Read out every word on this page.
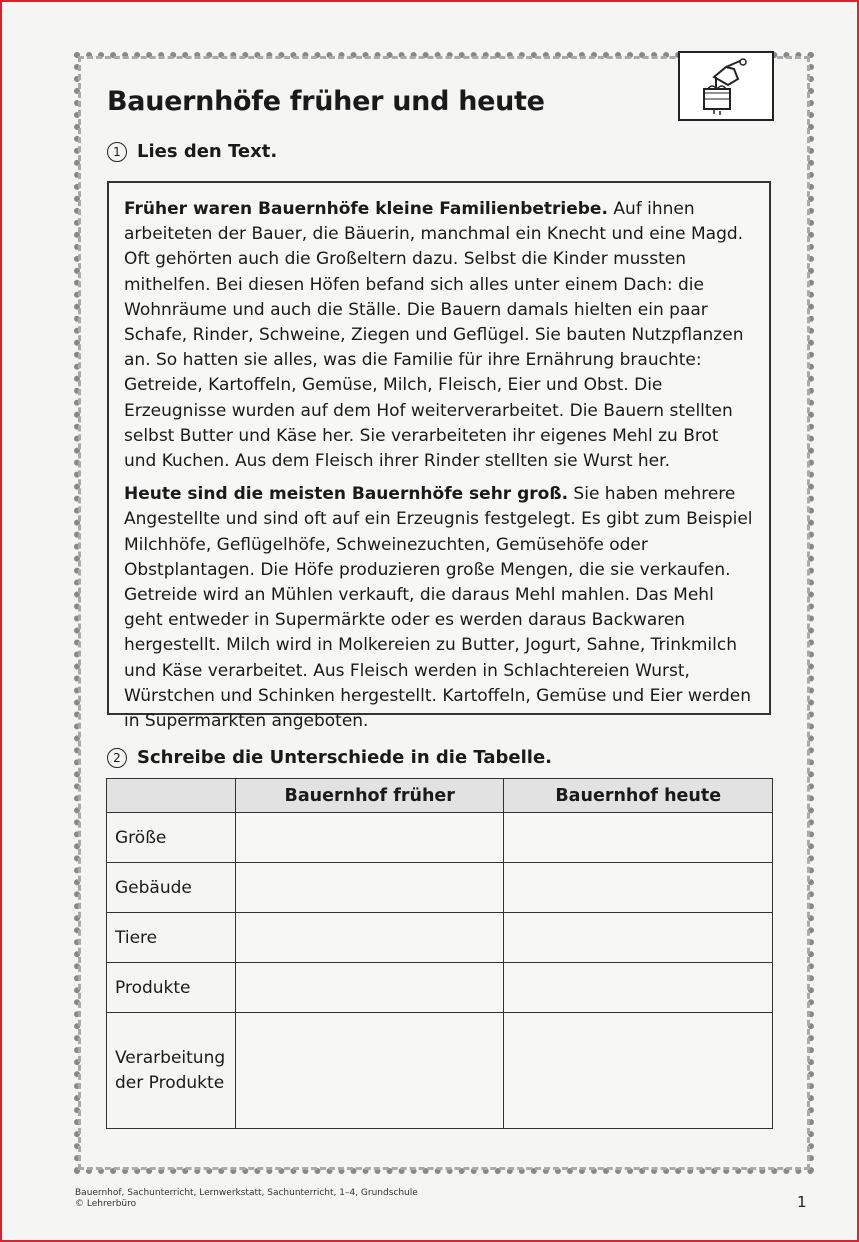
Bauernhöfe früher und heute
1 Lies den Text.

Früher waren Bauernhöfe kleine Familienbetriebe. Auf ihnen arbeiteten der Bauer, die Bäuerin, manchmal ein Knecht und eine Magd. Oft gehörten auch die Großeltern dazu. Selbst die Kinder mussten mithelfen. Bei diesen Höfen befand sich alles unter einem Dach: die Wohnräume und auch die Ställe. Die Bauern damals hielten ein paar Schafe, Rinder, Schweine, Ziegen und Geflügel. Sie bauten Nutzpflanzen an. So hatten sie alles, was die Familie für ihre Ernährung brauchte: Getreide, Kartoffeln, Gemüse, Milch, Fleisch, Eier und Obst. Die Erzeugnisse wurden auf dem Hof weiterverarbeitet. Die Bauern stellten selbst Butter und Käse her. Sie verarbeiteten ihr eigenes Mehl zu Brot und Kuchen. Aus dem Fleisch ihrer Rinder stellten sie Wurst her.

Heute sind die meisten Bauernhöfe sehr groß. Sie haben mehrere Angestellte und sind oft auf ein Erzeugnis festgelegt. Es gibt zum Beispiel Milchhöfe, Geflügelhöfe, Schweinezuchten, Gemüsehöfe oder Obstplantagen. Die Höfe produzieren große Mengen, die sie verkaufen. Getreide wird an Mühlen verkauft, die daraus Mehl mahlen. Das Mehl geht entweder in Supermärkte oder es werden daraus Backwaren hergestellt. Milch wird in Molkereien zu Butter, Jogurt, Sahne, Trinkmilch und Käse verarbeitet. Aus Fleisch werden in Schlachtereien Wurst, Würstchen und Schinken hergestellt. Kartoffeln, Gemüse und Eier werden in Supermärkten angeboten.

2 Schreibe die Unterschiede in die Tabelle.
	Bauernhof früher	Bauernhof heute
Größe		
Gebäude		
Tiere		
Produkte		
Verarbeitung der Produkte		
Bauernhof, Sachunterricht, Lernwerkstatt, Sachunterricht, 1–4, Grundschule
© Lehrerbüro	1
